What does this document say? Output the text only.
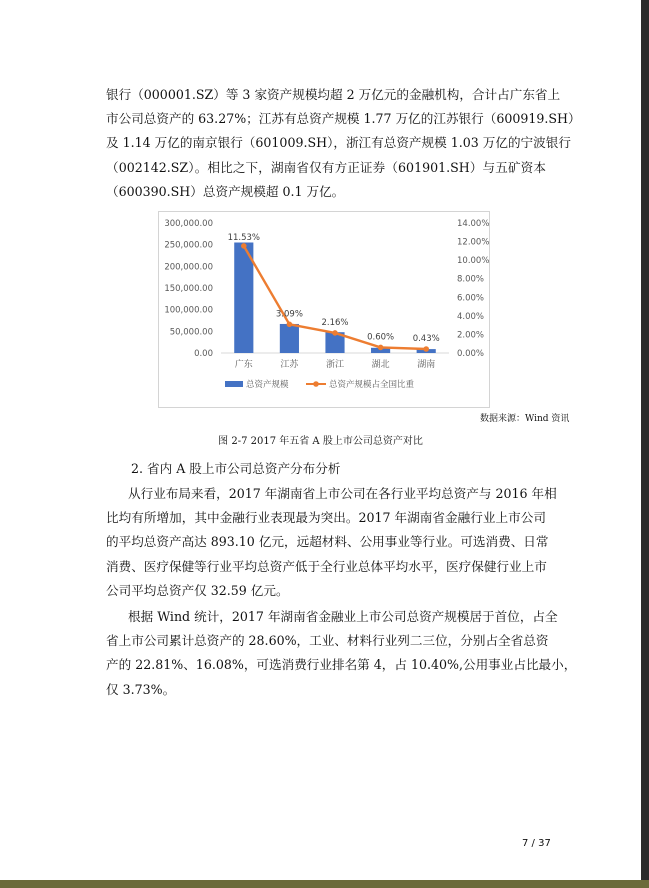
银行（000001.SZ）等 3 家资产规模均超 2 万亿元的金融机构，合计占广东省上
市公司总资产的 63.27%；江苏有总资产规模 1.77 万亿的江苏银行（600919.SH）
及 1.14 万亿的南京银行（601009.SH），浙江有总资产规模 1.03 万亿的宁波银行
（002142.SZ）。相比之下，湖南省仅有方正证券（601901.SH）与五矿资本
（600390.SH）总资产规模超 0.1 万亿。
300,000.00
250,000.00
200,000.00
150,000.00
100,000.00
50,000.00
0.00
14.00%
12.00%
10.00%
8.00%
6.00%
4.00%
2.00%
0.00%
广东	江苏	浙江	湖北	湖南
11.53%
3.09%
2.16%
0.60% 0.43%
总资产规模	总资产规模占全国比重
数据来源：Wind 资讯
图 2-7 2017 年五省 A 股上市公司总资产对比
2. 省内 A 股上市公司总资产分布分析
从行业布局来看，2017 年湖南省上市公司在各行业平均总资产与 2016 年相
比均有所增加，其中金融行业表现最为突出。2017 年湖南省金融行业上市公司
的平均总资产高达 893.10 亿元，远超材料、公用事业等行业。可选消费、日常
消费、医疗保健等行业平均总资产低于全行业总体平均水平，医疗保健行业上市
公司平均总资产仅 32.59 亿元。
根据 Wind 统计，2017 年湖南省金融业上市公司总资产规模居于首位，占全
省上市公司累计总资产的 28.60%，工业、材料行业列二三位，分别占全省总资
产的 22.81%、16.08%，可选消费行业排名第 4，占 10.40%,公用事业占比最小，
仅 3.73%。
7 / 37
